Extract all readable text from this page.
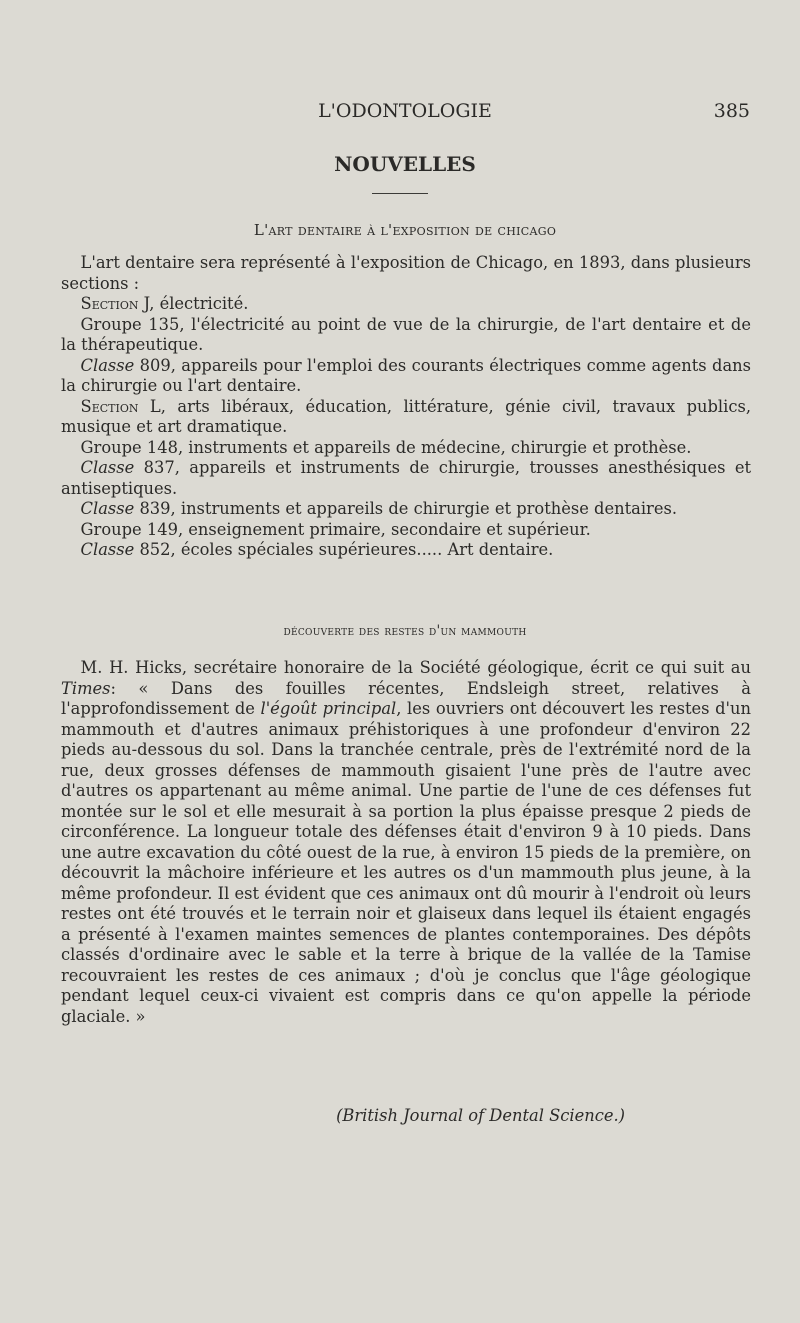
L'ODONTOLOGIE	385
NOUVELLES
L'art dentaire à l'exposition de chicago

L'art dentaire sera représenté à l'exposition de Chicago, en 1893, dans plusieurs sections :

Section J, électricité.

Groupe 135, l'électricité au point de vue de la chirurgie, de l'art dentaire et de la thérapeutique.

Classe 809, appareils pour l'emploi des courants électriques comme agents dans la chirurgie ou l'art dentaire.

Section L, arts libéraux, éducation, littérature, génie civil, travaux publics, musique et art dramatique.

Groupe 148, instruments et appareils de médecine, chirurgie et prothèse.

Classe 837, appareils et instruments de chirurgie, trousses anesthésiques et antiseptiques.

Classe 839, instruments et appareils de chirurgie et prothèse dentaires.

Groupe 149, enseignement primaire, secondaire et supérieur.

Classe 852, écoles spéciales supérieures..... Art dentaire.

découverte des restes d'un mammouth

M. H. Hicks, secrétaire honoraire de la Société géologique, écrit ce qui suit au Times: « Dans des fouilles récentes, Endsleigh street, relatives à l'approfondissement de l'égoût principal, les ouvriers ont découvert les restes d'un mammouth et d'autres animaux préhistoriques à une profondeur d'environ 22 pieds au-dessous du sol. Dans la tranchée centrale, près de l'extrémité nord de la rue, deux grosses défenses de mammouth gisaient l'une près de l'autre avec d'autres os appartenant au même animal. Une partie de l'une de ces défenses fut montée sur le sol et elle mesurait à sa portion la plus épaisse presque 2 pieds de circonférence. La longueur totale des défenses était d'environ 9 à 10 pieds. Dans une autre excavation du côté ouest de la rue, à environ 15 pieds de la première, on découvrit la mâchoire inférieure et les autres os d'un mammouth plus jeune, à la même profondeur. Il est évident que ces animaux ont dû mourir à l'endroit où leurs restes ont été trouvés et le terrain noir et glaiseux dans lequel ils étaient engagés a présenté à l'examen maintes semences de plantes contemporaines. Des dépôts classés d'ordinaire avec le sable et la terre à brique de la vallée de la Tamise recouvraient les restes de ces animaux ; d'où je conclus que l'âge géologique pendant lequel ceux-ci vivaient est compris dans ce qu'on appelle la période glaciale. »

(British Journal of Dental Science.)
